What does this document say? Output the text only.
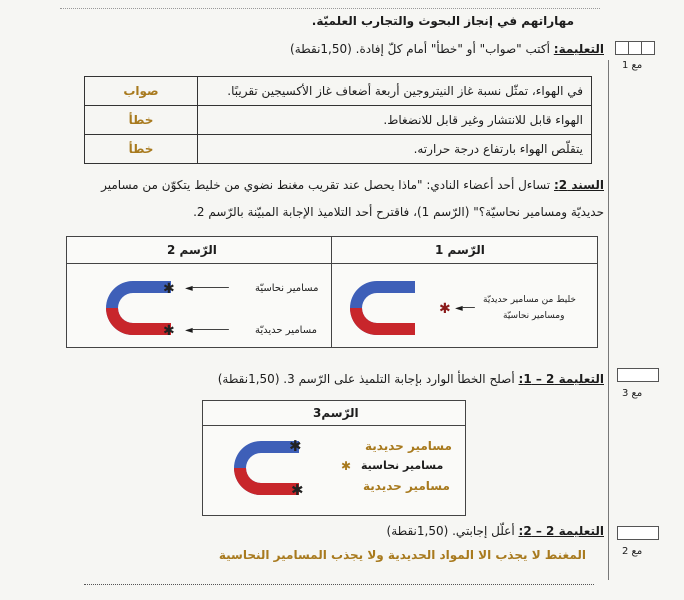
مهاراتهم في إنجاز البحوث والتجارب العلميّة.
التعليمة: أكتب "صواب" أو "خطأ" أمام كلّ إفادة. (1,50نقطة)
مع 1
في الهواء، تمثّل نسبة غاز النيتروجين أربعة أضعاف غاز الأكسيجين تقريبًا.	صواب
الهواء قابل للانتشار وغير قابل للانضغاط.	خطأ
يتقلّص الهواء بارتفاع درجة حرارته.	خطأ
السند 2: تساءل أحد أعضاء النادي: "ماذا يحصل عند تقريب مغنط نضوي من خليط يتكوّن من مسامير
حديديّة ومسامير نحاسيّة؟" (الرّسم 1)، فاقترح أحد التلاميذ الإجابة المبيّنة بالرّسم 2.
الرّسم 2	الرّسم 1
✱
✱
◄──────
◄──────
مسامير نحاسيّة
مسامير حديديّة
✱ ◄──
خليط من مسامير حديديّة
ومسامير نحاسيّة
التعليمة 2 – 1: أصلح الخطأ الوارد بإجابة التلميذ على الرّسم 3. (1,50نقطة)
مع 3
الرّسم3
✱
✱
✱
مسامير حديدية
مسامير نحاسية
مسامير حديدية
التعليمة 2 – 2: أعلّل إجابتي. (1,50نقطة)
مع 2
المغنط لا يجذب الا المواد الحديدية ولا يجذب المسامير النحاسية
